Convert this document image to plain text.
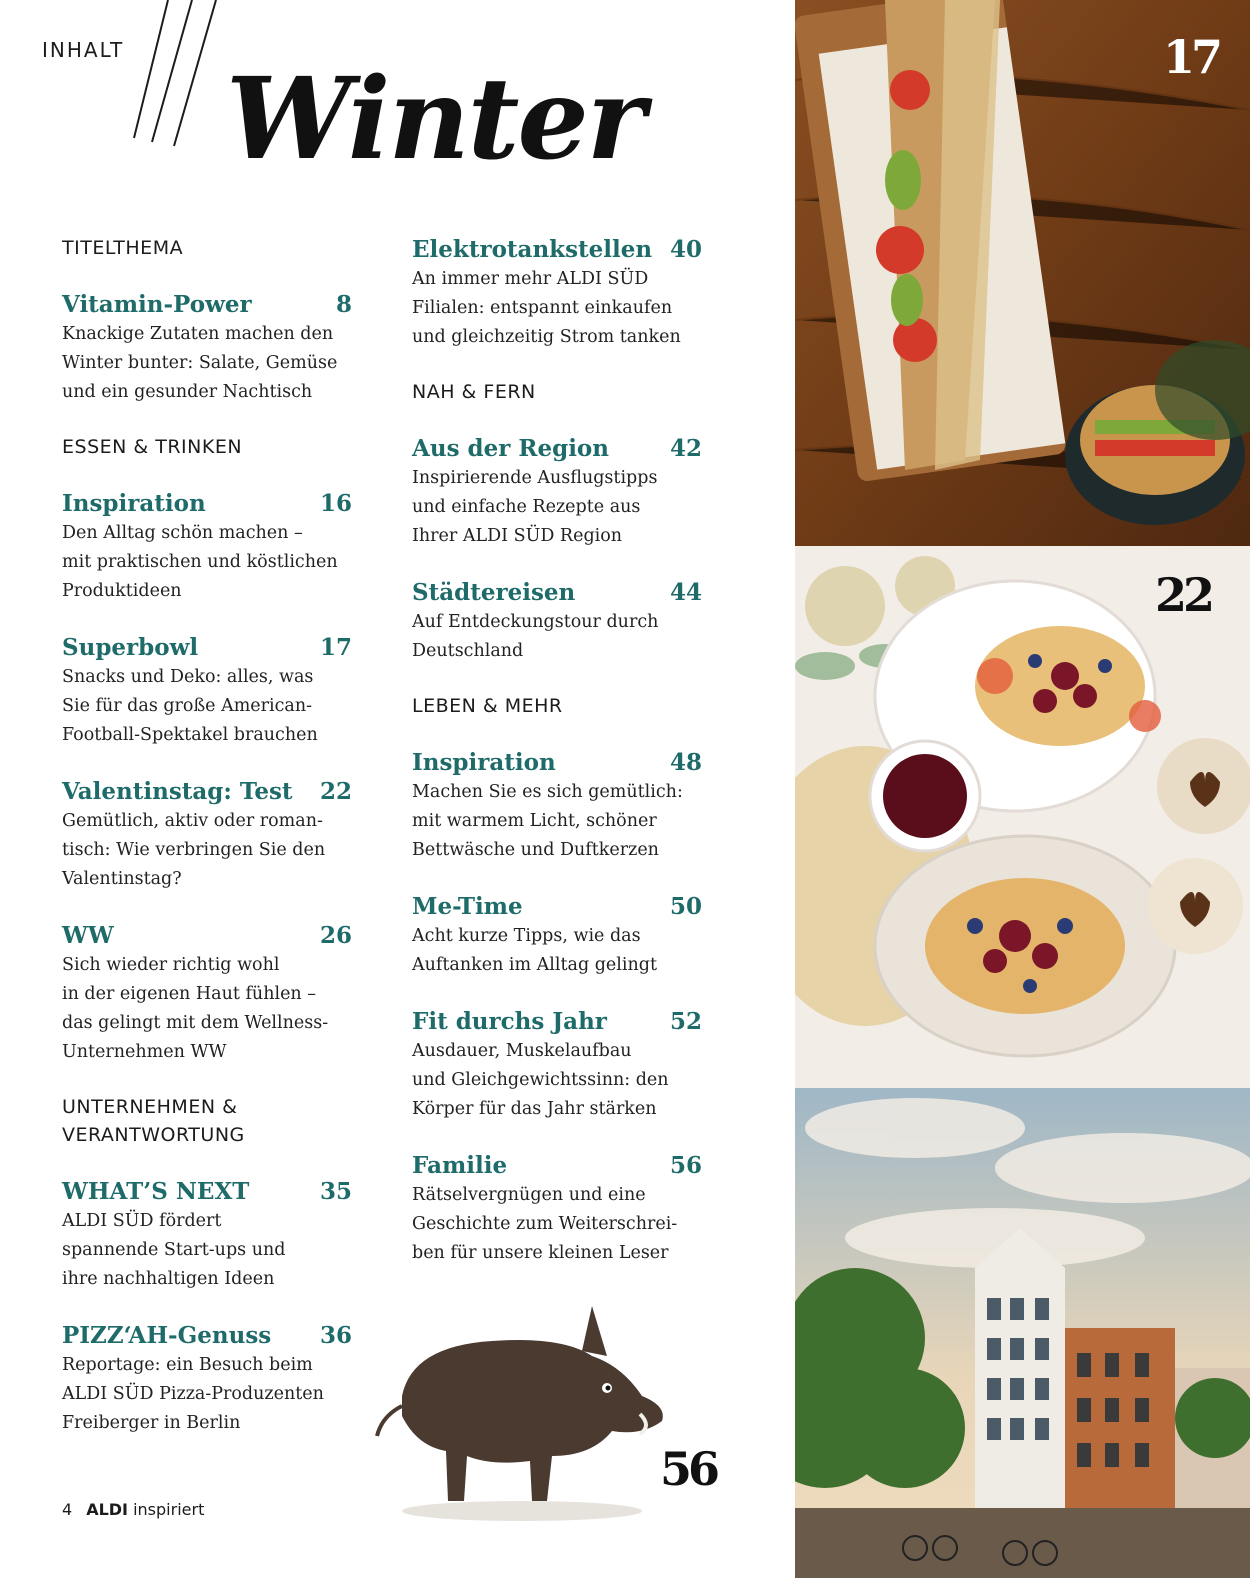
INHALT
Winter
TITELTHEMA
Vitamin-Power	8
Knackige Zutaten machen den
Winter bunter: Salate, Gemüse
und ein gesunder Nachtisch
ESSEN & TRINKEN
Inspiration	16
Den Alltag schön machen –
mit praktischen und köstlichen
Produktideen
Superbowl	17
Snacks und Deko: alles, was
Sie für das große American-
Football-Spektakel brauchen
Valentinstag: Test 22
Gemütlich, aktiv oder roman-
tisch: Wie verbringen Sie den
Valentinstag?
WW	26
Sich wieder richtig wohl
in der eigenen Haut fühlen –
das gelingt mit dem Wellness-
Unternehmen WW
UNTERNEHMEN &
VERANTWORTUNG
WHAT’S NEXT	35
ALDI SÜD fördert
spannende Start-ups und
ihre nachhaltigen Ideen
PIZZ‘AH-Genuss 36
Reportage: ein Besuch beim
ALDI SÜD Pizza-Produzenten
Freiberger in Berlin
Elektrotankstellen 40
An immer mehr ALDI SÜD
Filialen: entspannt einkaufen
und gleichzeitig Strom tanken
NAH & FERN
Aus der Region	42
Inspirierende Ausflugstipps
und einfache Rezepte aus
Ihrer ALDI SÜD Region
Städtereisen	44
Auf Entdeckungstour durch
Deutschland
LEBEN & MEHR
Inspiration	48
Machen Sie es sich gemütlich:
mit warmem Licht, schöner
Bettwäsche und Duftkerzen
Me-Time	50
Acht kurze Tipps, wie das
Auftanken im Alltag gelingt
Fit durchs Jahr	52
Ausdauer, Muskelaufbau
und Gleichgewichtssinn: den
Körper für das Jahr stärken
Familie	56
Rätselvergnügen und eine
Geschichte zum Weiterschrei-
ben für unsere kleinen Leser
17
22
56
4 ALDI inspiriert
